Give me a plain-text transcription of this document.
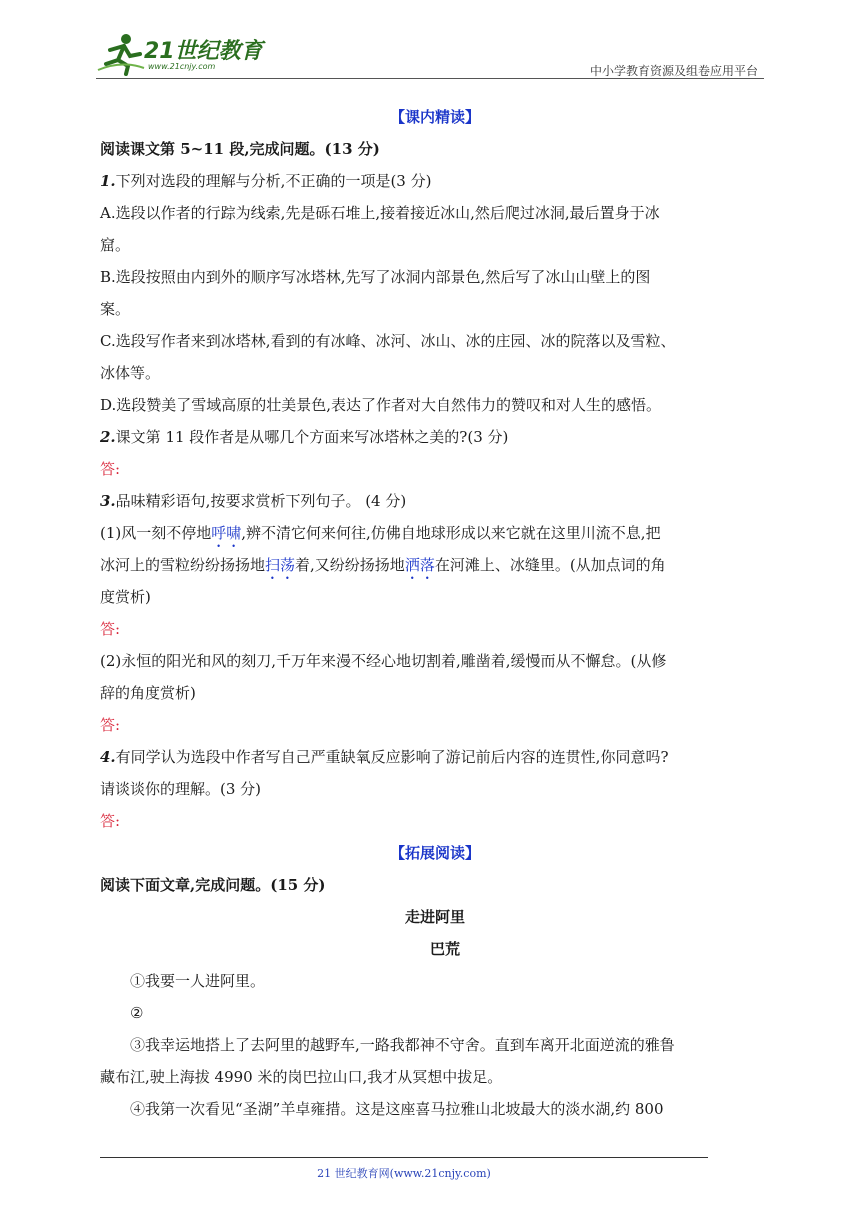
21世纪教育
www.21cnjy.com	中小学教育资源及组卷应用平台
【课内精读】
阅读课文第 5~11 段,完成问题。(13 分)
1.下列对选段的理解与分析,不正确的一项是(3 分)
A.选段以作者的行踪为线索,先是砾石堆上,接着接近冰山,然后爬过冰洞,最后置身于冰
窟。
B.选段按照由内到外的顺序写冰塔林,先写了冰洞内部景色,然后写了冰山山壁上的图
案。
C.选段写作者来到冰塔林,看到的有冰峰、冰河、冰山、冰的庄园、冰的院落以及雪粒、
冰体等。
D.选段赞美了雪域高原的壮美景色,表达了作者对大自然伟力的赞叹和对人生的感悟。
2.课文第 11 段作者是从哪几个方面来写冰塔林之美的?(3 分)
答:
3.品味精彩语句,按要求赏析下列句子。 (4 分)
(1)风一刻不停地呼啸,辨不清它何来何往,仿佛自地球形成以来它就在这里川流不息,把
冰河上的雪粒纷纷扬扬地扫荡着,又纷纷扬扬地洒落在河滩上、冰缝里。(从加点词的角
度赏析)
答:
(2)永恒的阳光和风的刻刀,千万年来漫不经心地切割着,雕凿着,缓慢而从不懈怠。(从修
辞的角度赏析)
答:
4.有同学认为选段中作者写自己严重缺氧反应影响了游记前后内容的连贯性,你同意吗?
请谈谈你的理解。(3 分)
答:
【拓展阅读】
阅读下面文章,完成问题。(15 分)
走进阿里
巴荒
①我要一人进阿里。
②
③我幸运地搭上了去阿里的越野车,一路我都神不守舍。直到车离开北面逆流的雅鲁
藏布江,驶上海拔 4990 米的岗巴拉山口,我才从冥想中拔足。
④我第一次看见“圣湖”羊卓雍措。这是这座喜马拉雅山北坡最大的淡水湖,约 800
21 世纪教育网(www.21cnjy.com)
